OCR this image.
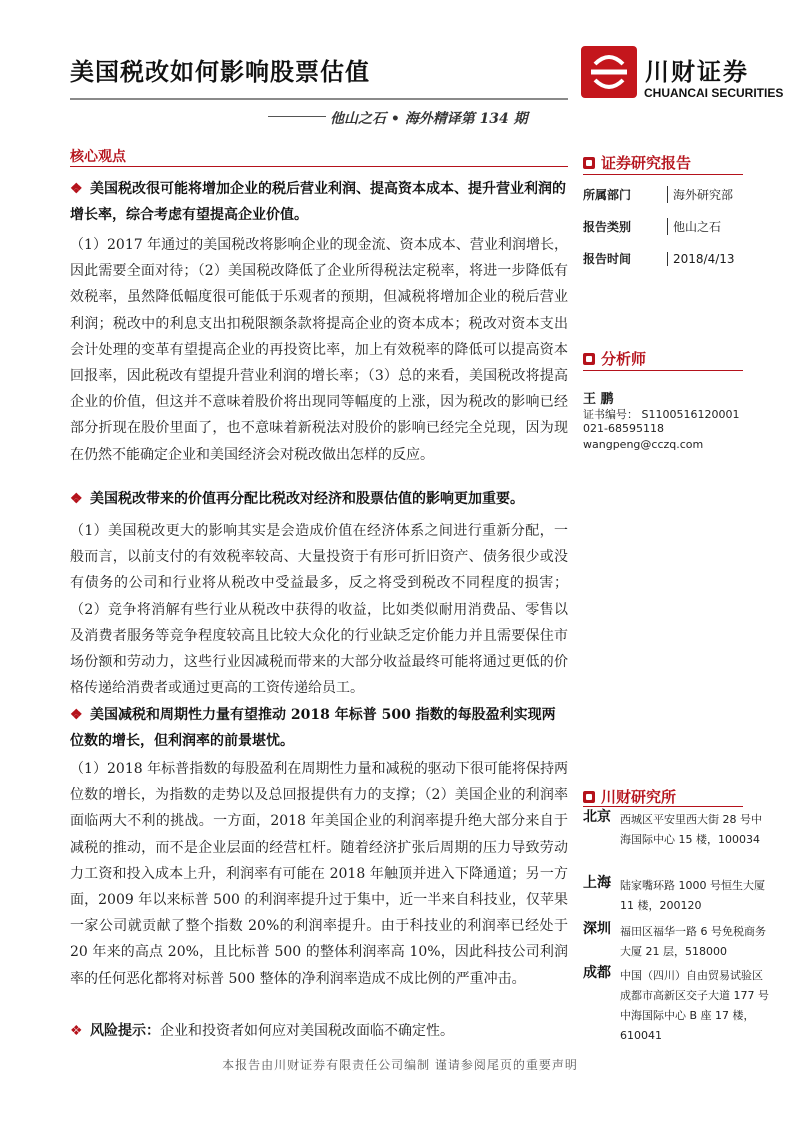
美国税改如何影响股票估值
他山之石 • 海外精译第 134 期
川财证券
CHUANCAI SECURITIES
核心观点
❖ 美国税改很可能将增加企业的税后营业利润、提高资本成本、提升营业利润的增长率，综合考虑有望提高企业价值。
（1）2017 年通过的美国税改将影响企业的现金流、资本成本、营业利润增长，因此需要全面对待；（2）美国税改降低了企业所得税法定税率，将进一步降低有效税率，虽然降低幅度很可能低于乐观者的预期，但减税将增加企业的税后营业利润；税改中的利息支出扣税限额条款将提高企业的资本成本；税改对资本支出会计处理的变革有望提高企业的再投资比率，加上有效税率的降低可以提高资本回报率，因此税改有望提升营业利润的增长率；（3）总的来看，美国税改将提高企业的价值，但这并不意味着股价将出现同等幅度的上涨，因为税改的影响已经部分折现在股价里面了，也不意味着新税法对股价的影响已经完全兑现，因为现在仍然不能确定企业和美国经济会对税改做出怎样的反应。
❖ 美国税改带来的价值再分配比税改对经济和股票估值的影响更加重要。
（1）美国税改更大的影响其实是会造成价值在经济体系之间进行重新分配，一般而言，以前支付的有效税率较高、大量投资于有形可折旧资产、债务很少或没有债务的公司和行业将从税改中受益最多，反之将受到税改不同程度的损害；（2）竞争将消解有些行业从税改中获得的收益，比如类似耐用消费品、零售以及消费者服务等竞争程度较高且比较大众化的行业缺乏定价能力并且需要保住市场份额和劳动力，这些行业因减税而带来的大部分收益最终可能将通过更低的价格传递给消费者或通过更高的工资传递给员工。
❖ 美国减税和周期性力量有望推动 2018 年标普 500 指数的每股盈利实现两位数的增长，但利润率的前景堪忧。
（1）2018 年标普指数的每股盈利在周期性力量和减税的驱动下很可能将保持两位数的增长，为指数的走势以及总回报提供有力的支撑；（2）美国企业的利润率面临两大不利的挑战。一方面，2018 年美国企业的利润率提升绝大部分来自于减税的推动，而不是企业层面的经营杠杆。随着经济扩张后周期的压力导致劳动力工资和投入成本上升，利润率有可能在 2018 年触顶并进入下降通道；另一方面，2009 年以来标普 500 的利润率提升过于集中，近一半来自科技业，仅苹果一家公司就贡献了整个指数 20%的利润率提升。由于科技业的利润率已经处于 20 年来的高点 20%，且比标普 500 的整体利润率高 10%，因此科技公司利润率的任何恶化都将对标普 500 整体的净利润率造成不成比例的严重冲击。
❖ 风险提示：企业和投资者如何应对美国税改面临不确定性。
证券研究报告
所属部门	海外研究部
报告类别	他山之石
报告时间	2018/4/13
分析师
王 鹏
证书编号： S1100516120001
021-68595118
wangpeng@cczq.com
川财研究所
北京 西城区平安里西大街 28 号中海国际中心 15 楼，100034
上海 陆家嘴环路 1000 号恒生大厦 11 楼，200120
深圳 福田区福华一路 6 号免税商务大厦 21 层，518000
成都 中国（四川）自由贸易试验区成都市高新区交子大道 177 号中海国际中心 B 座 17 楼，610041
本报告由川财证券有限责任公司编制 谨请参阅尾页的重要声明
